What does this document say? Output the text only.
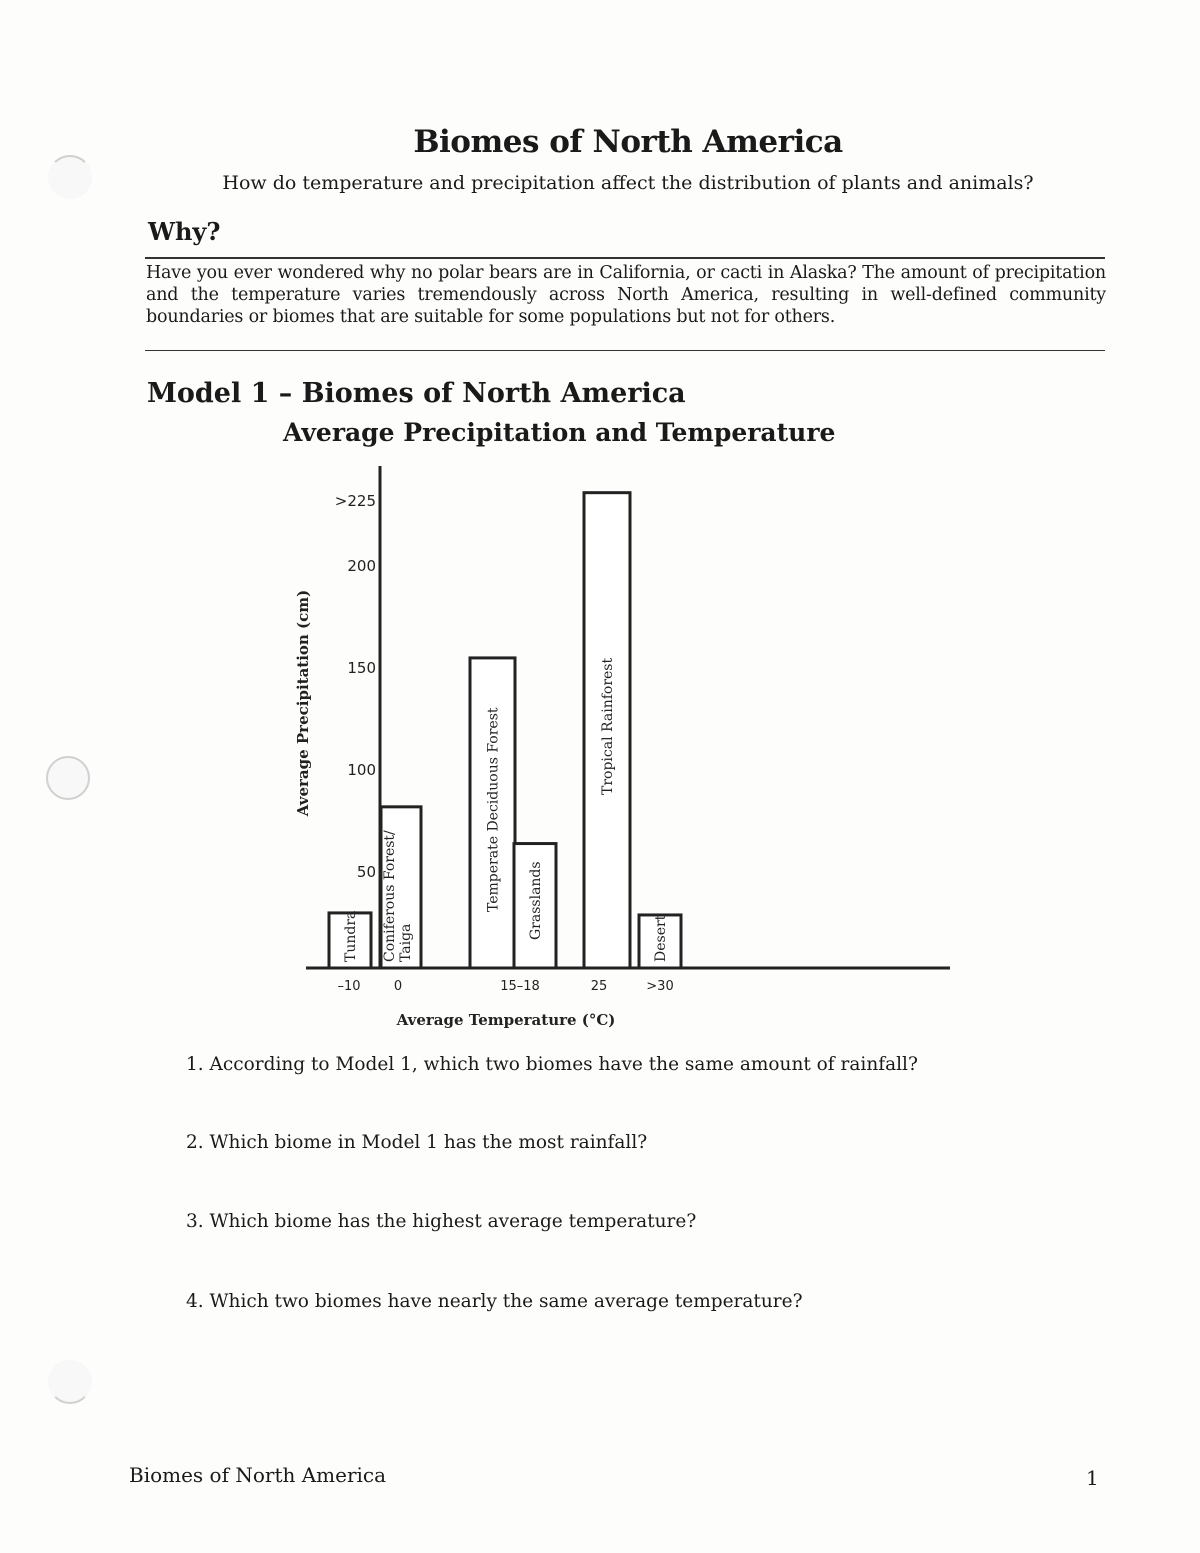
Biomes of North America
How do temperature and precipitation affect the distribution of plants and animals?
Why?
Have you ever wondered why no polar bears are in California, or cacti in Alaska? The amount of precipitation and the temperature varies tremendously across North America, resulting in well-defined community boundaries or biomes that are suitable for some populations but not for others.
Model 1 – Biomes of North America
Average Precipitation and Temperature
>225
200
150
100
50
Average Precipitation (cm)
Tundra Coniferous Forest/ Taiga
Temperate Deciduous Forest Grasslands
Tropical Rainforest
Desert
–10	0	15–18	25	>30
Average Temperature (°C)
1. According to Model 1, which two biomes have the same amount of rainfall?
2. Which biome in Model 1 has the most rainfall?
3. Which biome has the highest average temperature?
4. Which two biomes have nearly the same average temperature?
Biomes of North America	1
